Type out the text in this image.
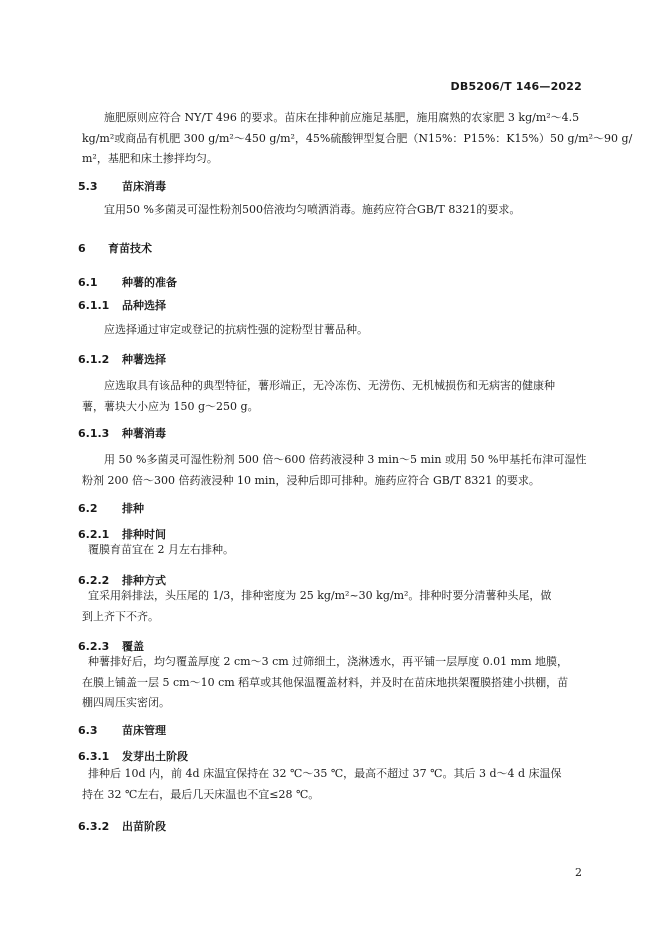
DB5206/T 146—2022
施肥原则应符合 NY/T 496 的要求。苗床在排种前应施足基肥，施用腐熟的农家肥 3 kg/m²～4.5
kg/m²或商品有机肥 300 g/m²～450 g/m²，45%硫酸钾型复合肥（N15%：P15%：K15%）50 g/m²～90 g/
m²，基肥和床土掺拌均匀。
5.3 苗床消毒
宜用50 %多菌灵可湿性粉剂500倍液均匀喷洒消毒。施药应符合GB/T 8321的要求。
6 育苗技术
6.1 种薯的准备
6.1.1 品种选择
应选择通过审定或登记的抗病性强的淀粉型甘薯品种。
6.1.2 种薯选择
应选取具有该品种的典型特征，薯形端正，无冷冻伤、无涝伤、无机械损伤和无病害的健康种
薯，薯块大小应为 150 g～250 g。
6.1.3 种薯消毒
用 50 %多菌灵可湿性粉剂 500 倍～600 倍药液浸种 3 min～5 min 或用 50 %甲基托布津可湿性
粉剂 200 倍～300 倍药液浸种 10 min，浸种后即可排种。施药应符合 GB/T 8321 的要求。
6.2 排种
6.2.1 排种时间
覆膜育苗宜在 2 月左右排种。
6.2.2 排种方式
宜采用斜排法，头压尾的 1/3，排种密度为 25 kg/m²~30 kg/m²。排种时要分清薯种头尾，做
到上齐下不齐。
6.2.3 覆盖
种薯排好后，均匀覆盖厚度 2 cm～3 cm 过筛细土，浇淋透水，再平铺一层厚度 0.01 mm 地膜，
在膜上铺盖一层 5 cm～10 cm 稻草或其他保温覆盖材料，并及时在苗床地拱架覆膜搭建小拱棚，苗
棚四周压实密闭。
6.3 苗床管理
6.3.1 发芽出土阶段
排种后 10d 内，前 4d 床温宜保持在 32 ℃～35 ℃，最高不超过 37 ℃。其后 3 d～4 d 床温保
持在 32 ℃左右，最后几天床温也不宜≤28 ℃。
6.3.2 出苗阶段
2
